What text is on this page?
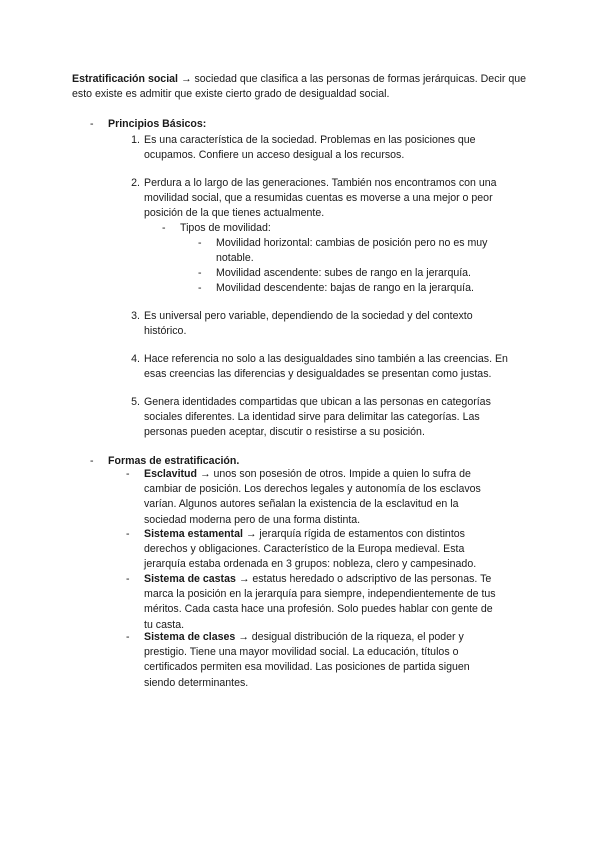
Estratificación social → sociedad que clasifica a las personas de formas jerárquicas. Decir que esto existe es admitir que existe cierto grado de desigualdad social.

-	Principios Básicos:
1. Es una característica de la sociedad. Problemas en las posiciones que ocupamos. Confiere un acceso desigual a los recursos.
2. Perdura a lo largo de las generaciones. También nos encontramos con una movilidad social, que a resumidas cuentas es moverse a una mejor o peor posición de la que tienes actualmente.
-	Tipos de movilidad:
-	Movilidad horizontal: cambias de posición pero no es muy notable.
-	Movilidad ascendente: subes de rango en la jerarquía.
-	Movilidad descendente: bajas de rango en la jerarquía.
3. Es universal pero variable, dependiendo de la sociedad y del contexto histórico.
4. Hace referencia no solo a las desigualdades sino también a las creencias. En esas creencias las diferencias y desigualdades se presentan como justas.
5. Genera identidades compartidas que ubican a las personas en categorías sociales diferentes. La identidad sirve para delimitar las categorías. Las personas pueden aceptar, discutir o resistirse a su posición.
-	Formas de estratificación.
-	Esclavitud → unos son posesión de otros. Impide a quien lo sufra de cambiar de posición. Los derechos legales y autonomía de los esclavos varían. Algunos autores señalan la existencia de la esclavitud en la sociedad moderna pero de una forma distinta.

-	Sistema estamental → jerarquía rígida de estamentos con distintos derechos y obligaciones. Característico de la Europa medieval. Esta jerarquía estaba ordenada en 3 grupos: nobleza, clero y campesinado.

-	Sistema de castas → estatus heredado o adscriptivo de las personas. Te marca la posición en la jerarquía para siempre, independientemente de tus méritos. Cada casta hace una profesión. Solo puedes hablar con gente de tu casta.

-	Sistema de clases → desigual distribución de la riqueza, el poder y prestigio. Tiene una mayor movilidad social. La educación, títulos o certificados permiten esa movilidad. Las posiciones de partida siguen siendo determinantes.
